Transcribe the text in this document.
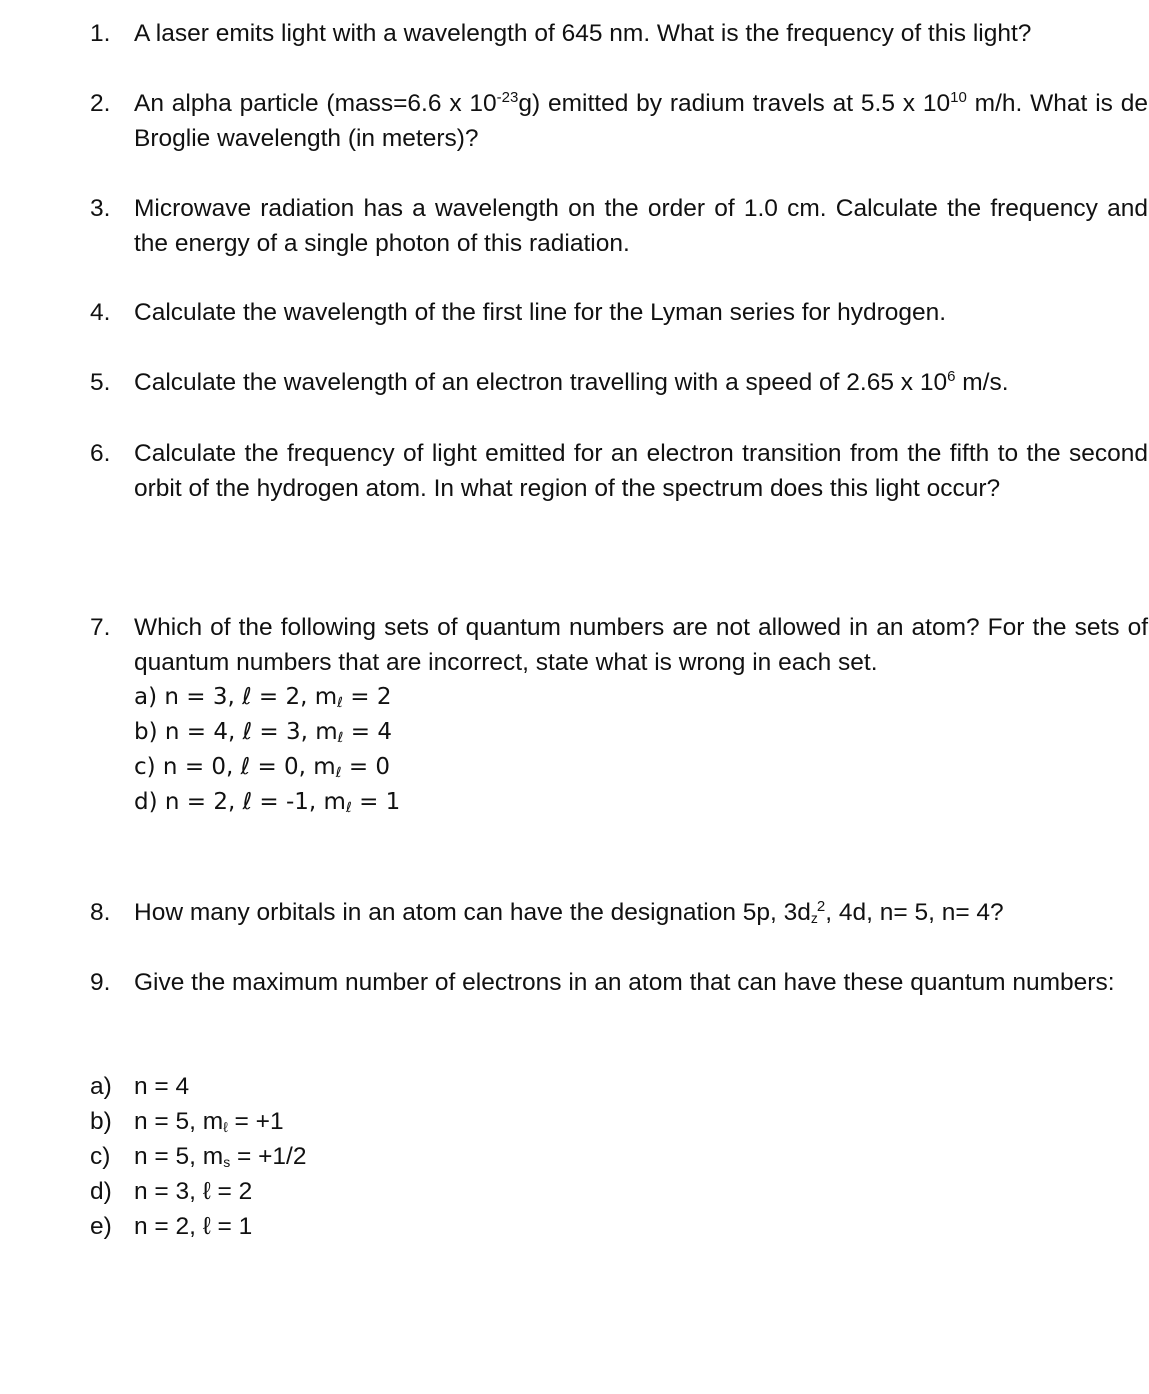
1. A laser emits light with a wavelength of 645 nm. What is the frequency of this light?
2. An alpha particle (mass=6.6 x $10^{-23}g$) emitted by radium travels at 5.5 x $10^{10}$ m/h. What is de Broglie wavelength (in meters)?
3. Microwave radiation has a wavelength on the order of 1.0 cm. Calculate the frequency and the energy of a single photon of this radiation.
4. Calculate the wavelength of the first line for the Lyman series for hydrogen.
5. Calculate the wavelength of an electron travelling with a speed of 2.65 x $10^6$ m/s.
6. Calculate the frequency of light emitted for an electron transition from the fifth to the second orbit of the hydrogen atom. In what region of the spectrum does this light occur?
7. Which of the following sets of quantum numbers are not allowed in an atom? For the sets of quantum numbers that are incorrect, state what is wrong in each set.
a) n = 3, ℓ = 2, $m_\ell = 2$
b) n = 4, ℓ = 3, $m_\ell = 4$
c) n = 0, ℓ = 0, $m_\ell = 0$
d) n = 2, ℓ = -1, $m_\ell = 1$
8. How many orbitals in an atom can have the designation 5p, $3d_z^2$, 4d, n= 5, n= 4?
9. Give the maximum number of electrons in an atom that can have these quantum numbers:
a) n = 4
b) n = 5, $m_\ell = +1$
c) n = 5, $m_s = +1/2$
d) n = 3, ℓ = 2
e) n = 2, ℓ = 1
